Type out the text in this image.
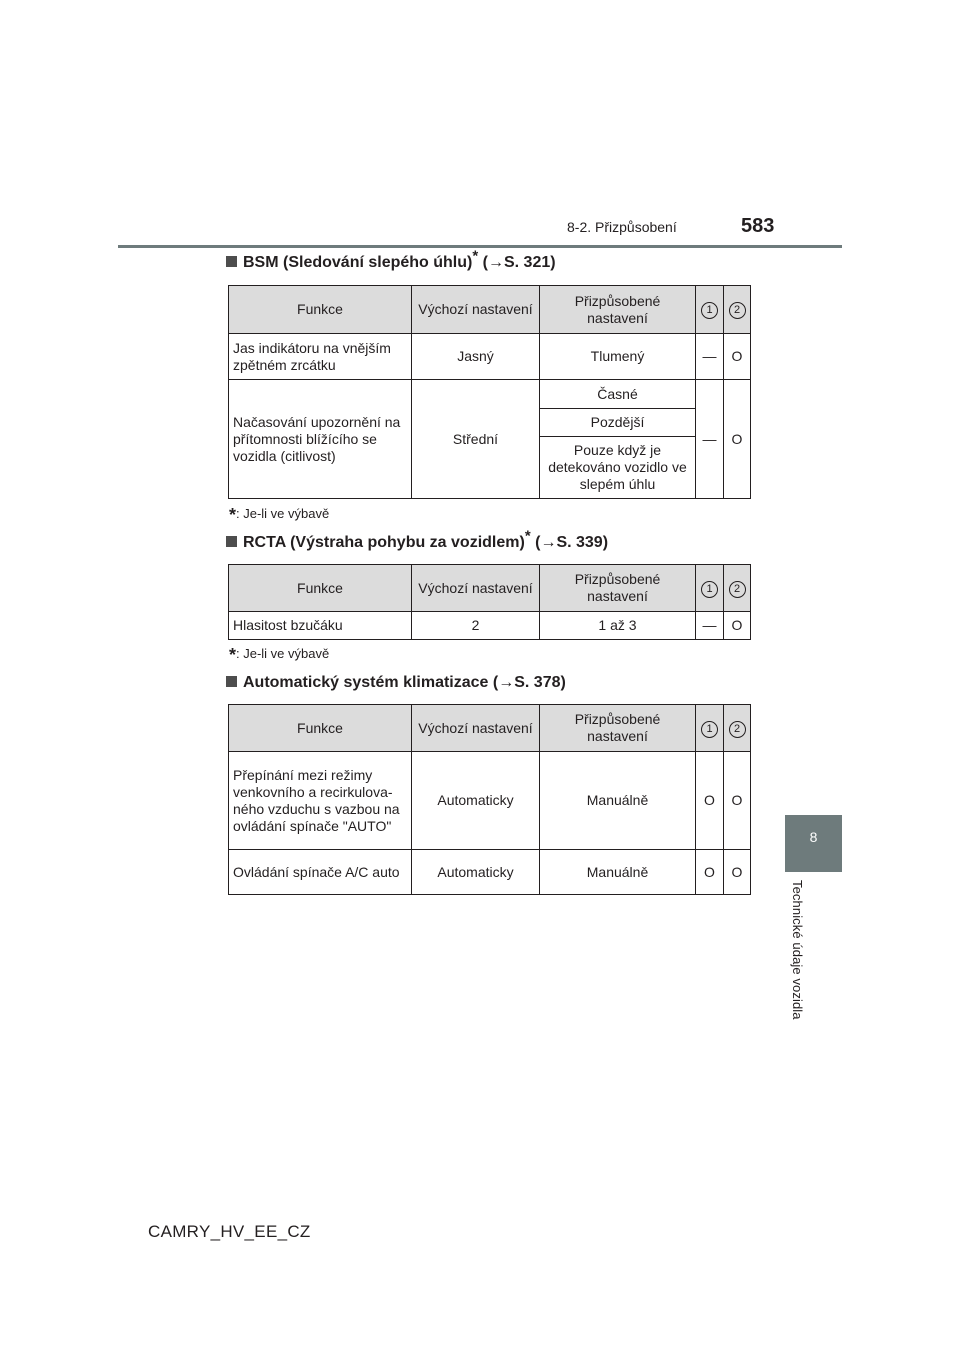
8-2. Přizpůsobení	583
8
Technické údaje vozidla
BSM (Sledování slepého úhlu)* (→S. 321)
Funkce	Výchozí nastavení	Přizpůsobené nastavení	1	2
Jas indikátoru na vnějším zpětném zrcátku	Jasný	Tlumený	—	O
Načasování upozornění na přítomnosti blížícího se vozidla (citlivost)	Střední	Časné	—	O
		Pozdější		
		Pouze když je detekováno vozidlo ve slepém úhlu		
*: Je-li ve výbavě
RCTA (Výstraha pohybu za vozidlem)* (→S. 339)
Funkce	Výchozí nastavení	Přizpůsobené nastavení	1	2
Hlasitost bzučáku	2	1 až 3	—	O
*: Je-li ve výbavě
Automatický systém klimatizace (→S. 378)
Funkce	Výchozí nastavení	Přizpůsobené nastavení	1	2
Přepínání mezi režimy venkovního a recirkulova- ného vzduchu s vazbou na ovládání spínače "AUTO"	Automaticky	Manuálně	O	O
Ovládání spínače A/C auto	Automaticky	Manuálně	O	O
CAMRY_HV_EE_CZ
